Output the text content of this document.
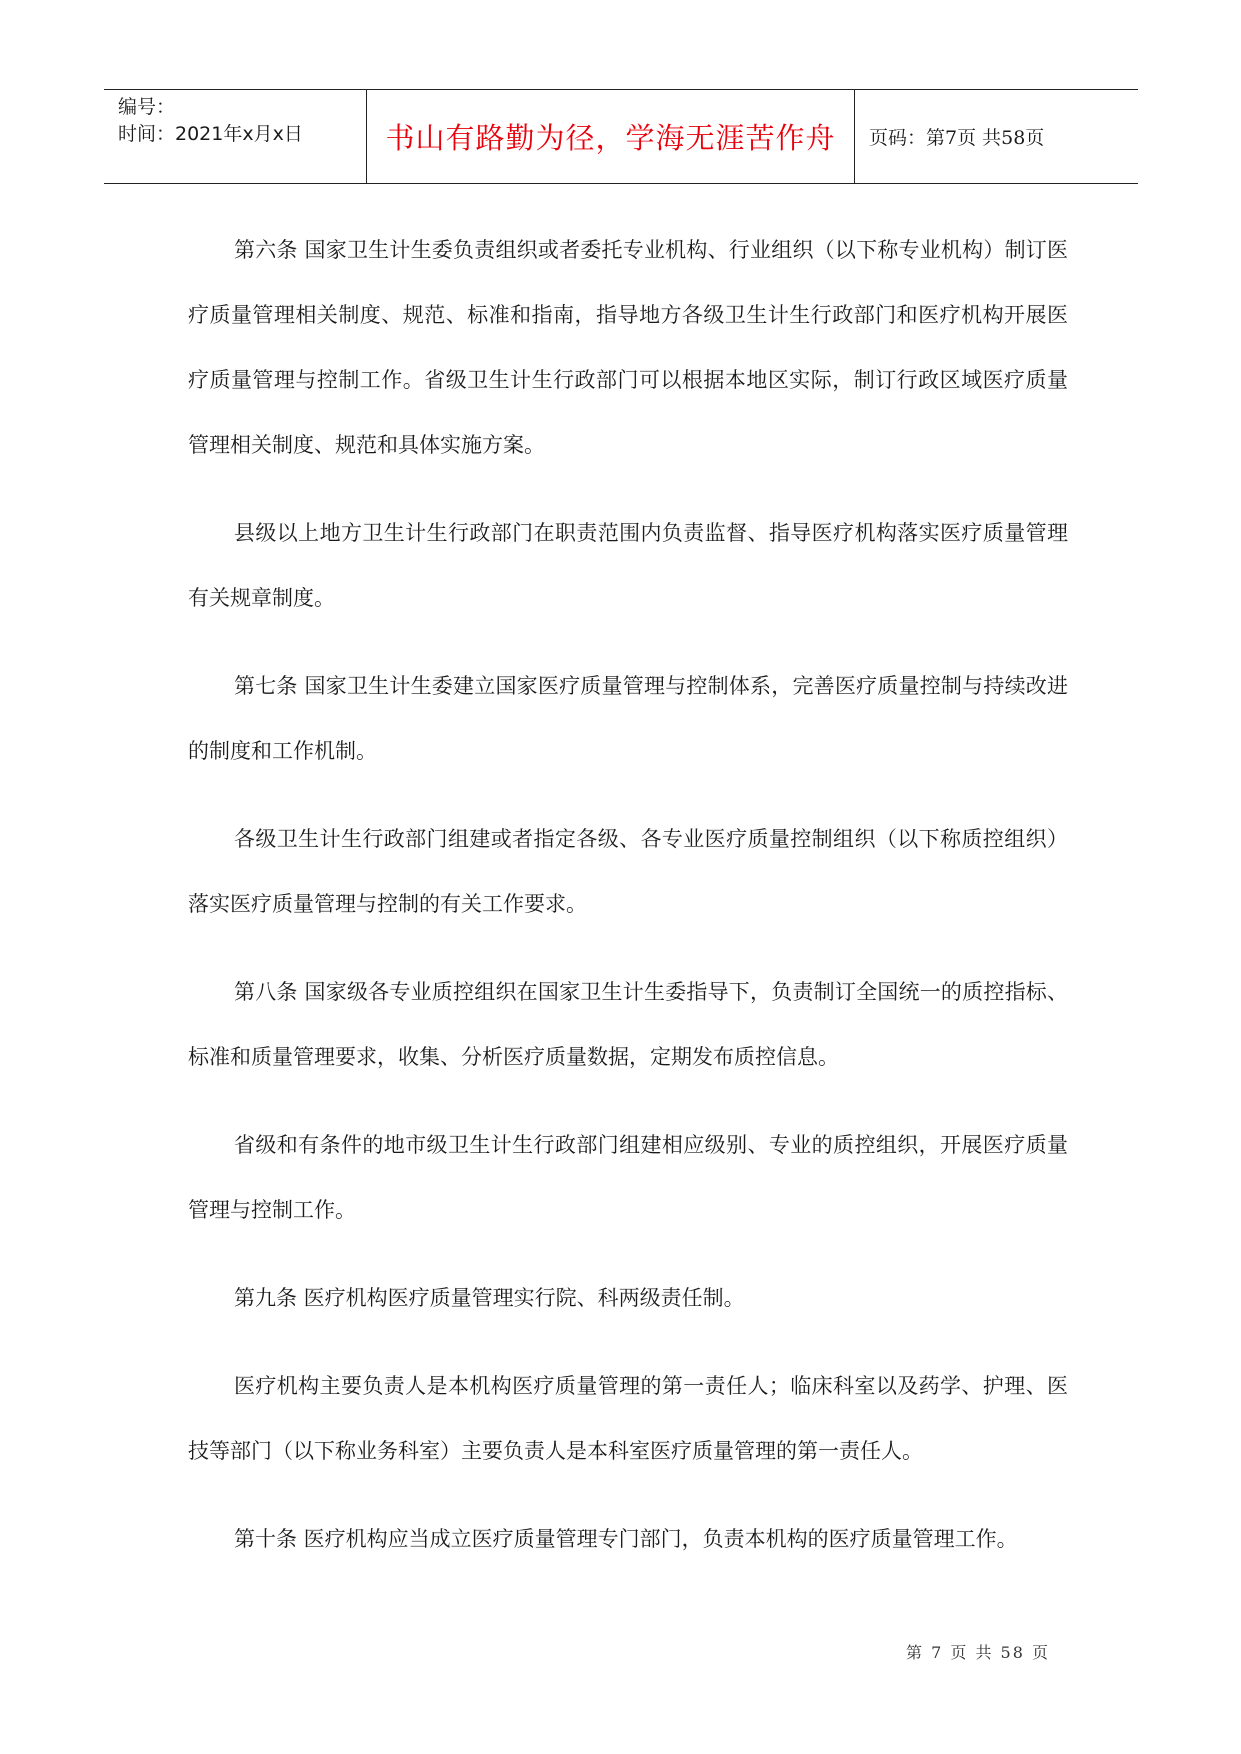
编号：
时间：2021年x月x日	书山有路勤为径，学海无涯苦作舟	页码：第7页 共58页

第六条 国家卫生计生委负责组织或者委托专业机构、行业组织（以下称专业机构）制订医疗质量管理相关制度、规范、标准和指南，指导地方各级卫生计生行政部门和医疗机构开展医疗质量管理与控制工作。省级卫生计生行政部门可以根据本地区实际，制订行政区域医疗质量管理相关制度、规范和具体实施方案。

县级以上地方卫生计生行政部门在职责范围内负责监督、指导医疗机构落实医疗质量管理有关规章制度。

第七条 国家卫生计生委建立国家医疗质量管理与控制体系，完善医疗质量控制与持续改进的制度和工作机制。

各级卫生计生行政部门组建或者指定各级、各专业医疗质量控制组织（以下称质控组织）落实医疗质量管理与控制的有关工作要求。

第八条 国家级各专业质控组织在国家卫生计生委指导下，负责制订全国统一的质控指标、标准和质量管理要求，收集、分析医疗质量数据，定期发布质控信息。

省级和有条件的地市级卫生计生行政部门组建相应级别、专业的质控组织，开展医疗质量管理与控制工作。

第九条 医疗机构医疗质量管理实行院、科两级责任制。

医疗机构主要负责人是本机构医疗质量管理的第一责任人；临床科室以及药学、护理、医技等部门（以下称业务科室）主要负责人是本科室医疗质量管理的第一责任人。

第十条 医疗机构应当成立医疗质量管理专门部门，负责本机构的医疗质量管理工作。

第 7 页 共 58 页
